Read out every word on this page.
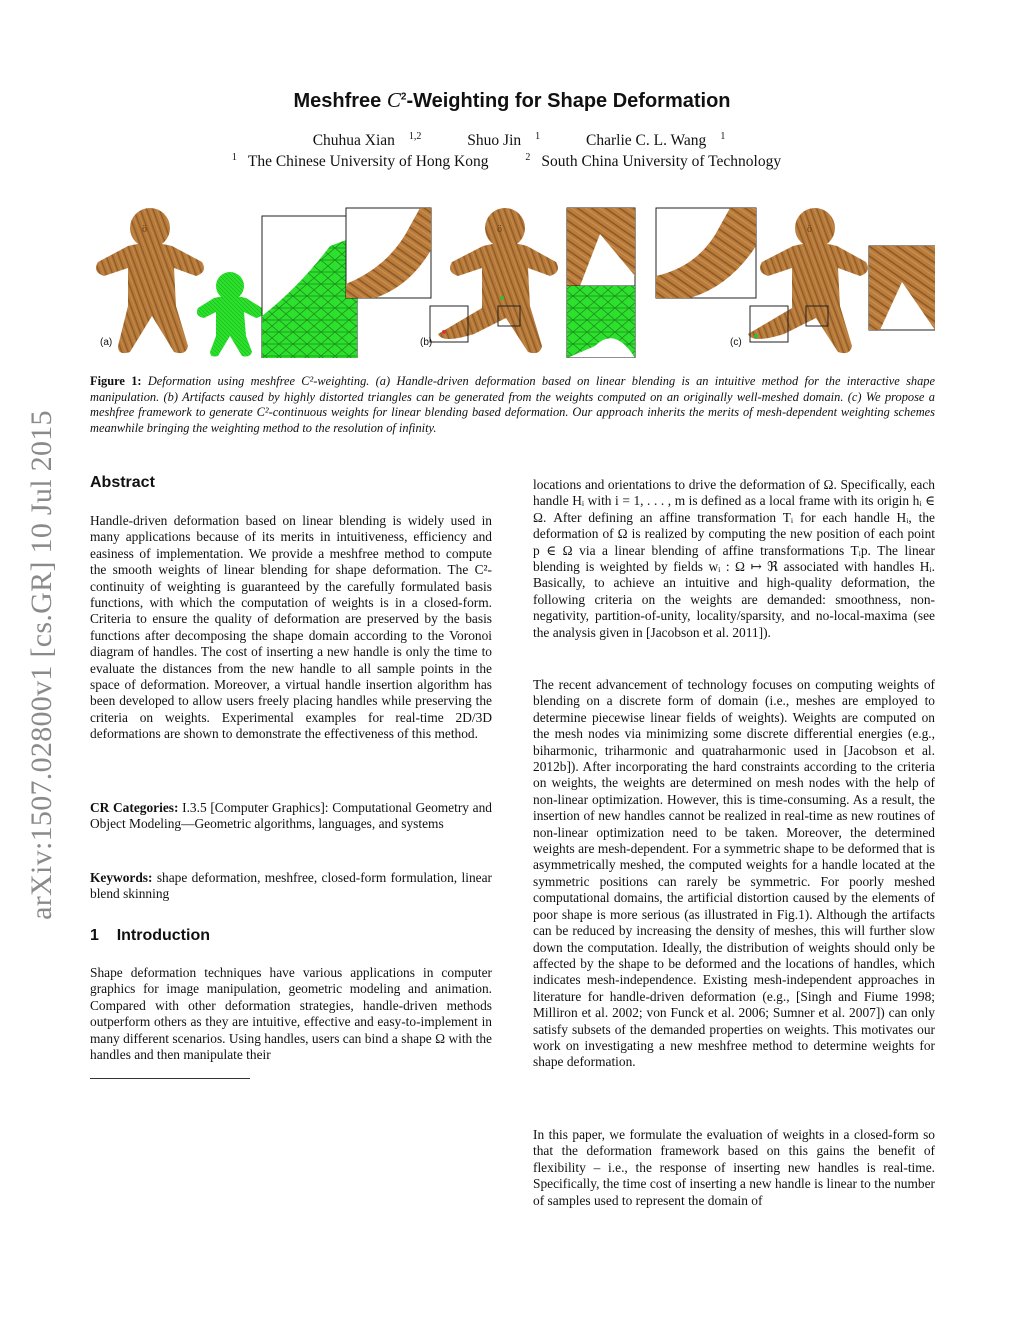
arXiv:1507.02800v1 [cs.GR] 10 Jul 2015
Meshfree $C^2$-Weighting for Shape Deformation
Chuhua Xian $^{1,2}$	Shuo Jin $^1$	Charlie C. L. Wang $^1$
$^1$ The Chinese University of Hong Kong	$^2$ South China University of Technology
ö	ö	ö
(a)	(b)	(c)
Figure 1: Deformation using meshfree C²-weighting. (a) Handle-driven deformation based on linear blending is an intuitive method for the interactive shape manipulation. (b) Artifacts caused by highly distorted triangles can be generated from the weights computed on an originally well-meshed domain. (c) We propose a meshfree framework to generate C²-continuous weights for linear blending based deformation. Our approach inherits the merits of mesh-dependent weighting schemes meanwhile bringing the weighting method to the resolution of infinity.
Abstract
Handle-driven deformation based on linear blending is widely used in many applications because of its merits in intuitiveness, efficiency and easiness of implementation. We provide a meshfree method to compute the smooth weights of linear blending for shape deformation. The C²-continuity of weighting is guaranteed by the carefully formulated basis functions, with which the computation of weights is in a closed-form. Criteria to ensure the quality of deformation are preserved by the basis functions after decomposing the shape domain according to the Voronoi diagram of handles. The cost of inserting a new handle is only the time to evaluate the distances from the new handle to all sample points in the space of deformation. Moreover, a virtual handle insertion algorithm has been developed to allow users freely placing handles while preserving the criteria on weights. Experimental examples for real-time 2D/3D deformations are shown to demonstrate the effectiveness of this method.
CR Categories: I.3.5 [Computer Graphics]: Computational Geometry and Object Modeling—Geometric algorithms, languages, and systems
Keywords: shape deformation, meshfree, closed-form formulation, linear blend skinning
1 Introduction
Shape deformation techniques have various applications in computer graphics for image manipulation, geometric modeling and animation. Compared with other deformation strategies, handle-driven methods outperform others as they are intuitive, effective and easy-to-implement in many different scenarios. Using handles, users can bind a shape Ω with the handles and then manipulate their
locations and orientations to drive the deformation of Ω. Specifically, each handle Hᵢ with i = 1, . . . , m is defined as a local frame with its origin hᵢ ∈ Ω. After defining an affine transformation Tᵢ for each handle Hᵢ, the deformation of Ω is realized by computing the new position of each point p ∈ Ω via a linear blending of affine transformations Tᵢp. The linear blending is weighted by fields wᵢ : Ω ↦ ℜ associated with handles Hᵢ. Basically, to achieve an intuitive and high-quality deformation, the following criteria on the weights are demanded: smoothness, non-negativity, partition-of-unity, locality/sparsity, and no-local-maxima (see the analysis given in [Jacobson et al. 2011]).
The recent advancement of technology focuses on computing weights of blending on a discrete form of domain (i.e., meshes are employed to determine piecewise linear fields of weights). Weights are computed on the mesh nodes via minimizing some discrete differential energies (e.g., biharmonic, triharmonic and quatraharmonic used in [Jacobson et al. 2012b]). After incorporating the hard constraints according to the criteria on weights, the weights are determined on mesh nodes with the help of non-linear optimization. However, this is time-consuming. As a result, the insertion of new handles cannot be realized in real-time as new routines of non-linear optimization need to be taken. Moreover, the determined weights are mesh-dependent. For a symmetric shape to be deformed that is asymmetrically meshed, the computed weights for a handle located at the symmetric positions can rarely be symmetric. For poorly meshed computational domains, the artificial distortion caused by the elements of poor shape is more serious (as illustrated in Fig.1). Although the artifacts can be reduced by increasing the density of meshes, this will further slow down the computation. Ideally, the distribution of weights should only be affected by the shape to be deformed and the locations of handles, which indicates mesh-independence. Existing mesh-independent approaches in literature for handle-driven deformation (e.g., [Singh and Fiume 1998; Milliron et al. 2002; von Funck et al. 2006; Sumner et al. 2007]) can only satisfy subsets of the demanded properties on weights. This motivates our work on investigating a new meshfree method to determine weights for shape deformation.
In this paper, we formulate the evaluation of weights in a closed-form so that the deformation framework based on this gains the benefit of flexibility – i.e., the response of inserting new handles is real-time. Specifically, the time cost of inserting a new handle is linear to the number of samples used to represent the domain of
